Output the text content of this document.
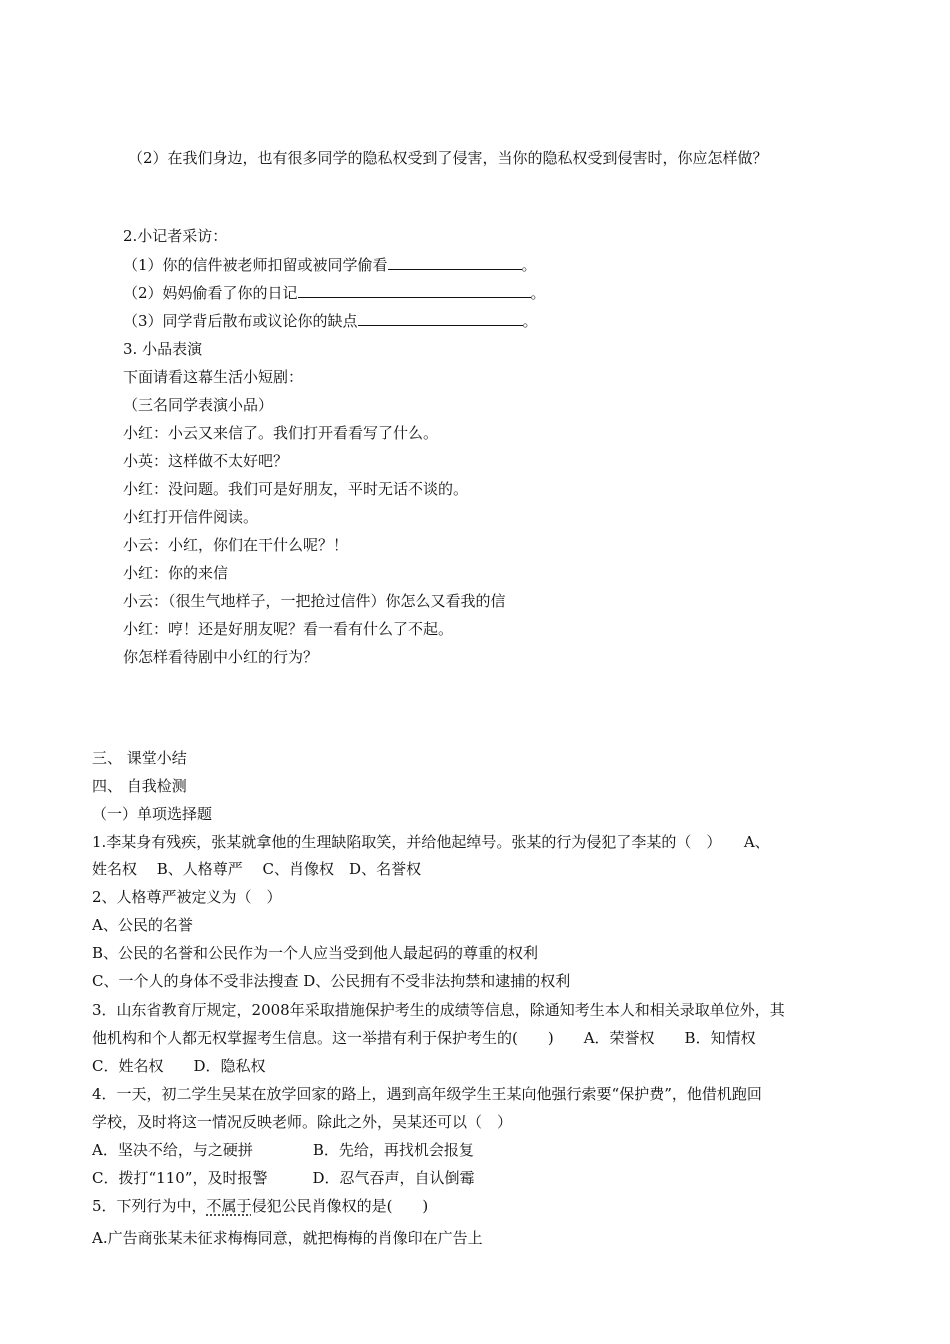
（2）在我们身边，也有很多同学的隐私权受到了侵害，当你的隐私权受到侵害时，你应怎样做？
2.小记者采访：
（1）你的信件被老师扣留或被同学偷看	。
（2）妈妈偷看了你的日记	。
（3）同学背后散布或议论你的缺点	。
3. 小品表演
下面请看这幕生活小短剧：
（三名同学表演小品）
小红：小云又来信了。我们打开看看写了什么。
小英：这样做不太好吧？
小红：没问题。我们可是好朋友，平时无话不谈的。
小红打开信件阅读。
小云：小红，你们在干什么呢？！
小红：你的来信
小云：（很生气地样子，一把抢过信件）你怎么又看我的信
小红：哼！还是好朋友呢？看一看有什么了不起。
你怎样看待剧中小红的行为？
三、 课堂小结
四、 自我检测
（一）单项选择题
1.李某身有残疾，张某就拿他的生理缺陷取笑，并给他起绰号。张某的行为侵犯了李某的（　）　　A、
姓名权　 B、人格尊严　 C、肖像权　D、名誉权
2、人格尊严被定义为（　）
A、公民的名誉
B、公民的名誉和公民作为一个人应当受到他人最起码的尊重的权利
C、一个人的身体不受非法搜查 D、公民拥有不受非法拘禁和逮捕的权利
3．山东省教育厅规定，2008年采取措施保护考生的成绩等信息，除通知考生本人和相关录取单位外，其
他机构和个人都无权掌握考生信息。这一举措有利于保护考生的(　　)　　A．荣誉权　　B．知情权
C．姓名权　　D．隐私权
4．一天，初二学生吴某在放学回家的路上，遇到高年级学生王某向他强行索要“保护费”，他借机跑回
学校，及时将这一情况反映老师。除此之外，吴某还可以（　）
A．坚决不给，与之硬拼　　　　B．先给，再找机会报复
C．拨打“110”，及时报警　　　D．忍气吞声，自认倒霉
5．下列行为中，不属于侵犯公民肖像权的是(　　)
A.广告商张某未征求梅梅同意，就把梅梅的肖像印在广告上
